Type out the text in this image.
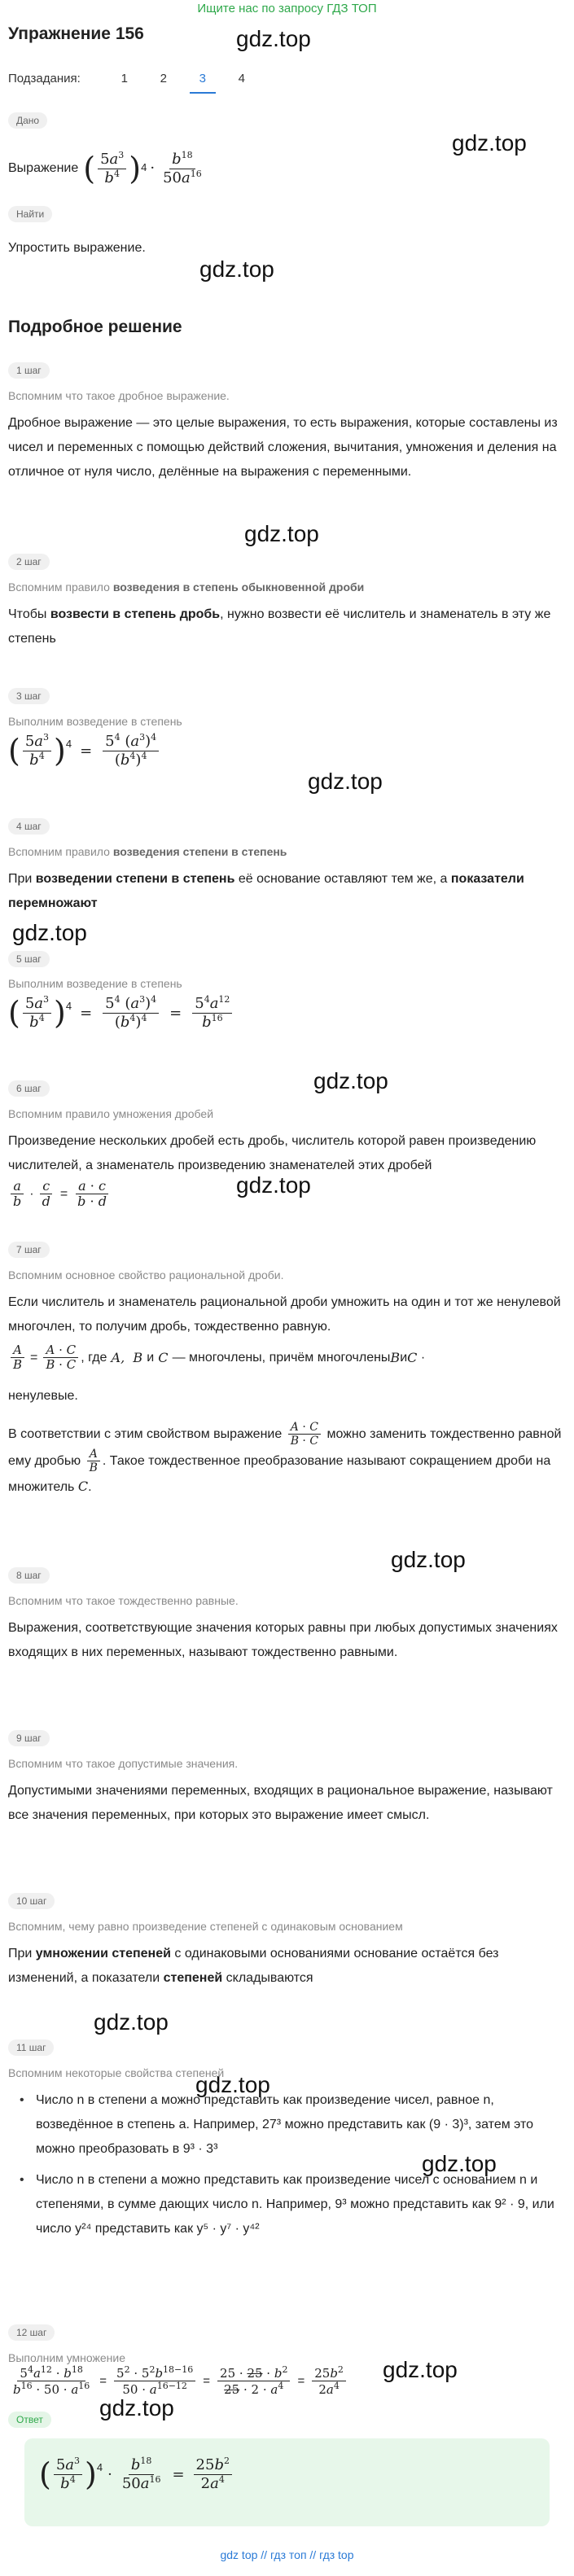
Ищите нас по запросу ГДЗ ТОП
Упражнение 156	gdz.top
gdz.top
gdz.top
gdz.top
gdz.top
gdz.top
gdz.top
gdz.top
gdz.top
gdz.top
gdz.top
gdz.top
gdz.top
gdz.top
Подзадания:	1	2	3	4
Дано
Выражение ( $\frac{5a^3}{b^4}$ ) $4 \cdot \frac{b^{18}}{50a^{16}}$
Найти
Упростить выражение.
Подробное решение
1 шаг
Вспомним что такое дробное выражение.
Дробное выражение — это целые выражения, то есть выражения, которые составлены из чисел и переменных с помощью действий сложения, вычитания, умножения и деления на отличное от нуля число, делённые на выражения с переменными.
2 шаг
Вспомним правило возведения в степень обыкновенной дроби
Чтобы возвести в степень дробь, нужно возвести её числитель и знаменатель в эту же степень
3 шаг
Выполним возведение в степень
( $\frac{5a^3}{b^4} )^4 = \frac{5^4 (a^3)^4}{(b^4)^4}$
4 шаг
Вспомним правило возведения степени в степень
При возведении степени в степень её основание оставляют тем же, а показатели перемножают
5 шаг
Выполним возведение в степень
( $\frac{5a^3}{b^4} )^4 = \frac{5^4 (a^3)^4}{(b^4)^4} = \frac{5^4a^{12}}{b^{16}}$
6 шаг
Вспомним правило умножения дробей
Произведение нескольких дробей есть дробь, числитель которой равен произведению числителей, а знаменатель произведению знаменателей этих дробей
$\frac{a}{b} \cdot \frac{c}{d} = \frac{a \cdot c}{b \cdot d}$
7 шаг
Вспомним основное свойство рациональной дроби.
Если числитель и знаменатель рациональной дроби умножить на один и тот же ненулевой многочлен, то получим дробь, тождественно равную.
$\frac{A}{B} = \frac{A \cdot C}{B \cdot C}$ , где A,  B и C — многочлены, причём многочлены B и C ·
ненулевые.
В соответствии с этим свойством выражение $\frac{A \cdot C}{B \cdot C}$ можно заменить тождественно равной ему дробью $\frac{A}{B}$ . Такое тождественное преобразование называют сокращением дроби на множитель C.
8 шаг
Вспомним что такое тождественно равные.
Выражения, соответствующие значения которых равны при любых допустимых значениях входящих в них переменных, называют тождественно равными.
9 шаг
Вспомним что такое допустимые значения.
Допустимыми значениями переменных, входящих в рациональное выражение, называют все значения переменных, при которых это выражение имеет смысл.
10 шаг
Вспомним, чему равно произведение степеней с одинаковым основанием
При умножении степеней с одинаковыми основаниями основание остаётся без изменений, а показатели степеней складываются
11 шаг
Вспомним некоторые свойства степеней
• Число n в степени a можно представить как произведение чисел, равное n, возведённое в степень a. Например, 27³ можно представить как (9 · 3)³, затем это можно преобразовать в 9³ · 3³
• Число n в степени a можно представить как произведение чисел с основанием n и степенями, в сумме дающих число n. Например, 9³ можно представить как 9² · 9, или число y²⁴ представить как y⁵ · y⁷ · y⁴²
12 шаг
Выполним умножение
$\frac{5^4a^{12} \cdot b^{18}}{b^{16} \cdot 50 \cdot a^{16}} = \frac{5^2 \cdot 5^2b^{18-16}}{50 \cdot a^{16-12}} = \frac{25 \cdot 25 \cdot b^2}{25 \cdot 2 \cdot a^4} = \frac{25b^2}{2a^4}$
Ответ
( $\frac{5a^3}{b^4} )^4 \cdot \frac{b^{18}}{50a^{16}} = \frac{25b^2}{2a^4}$
gdz top // гдз топ // гдз top
